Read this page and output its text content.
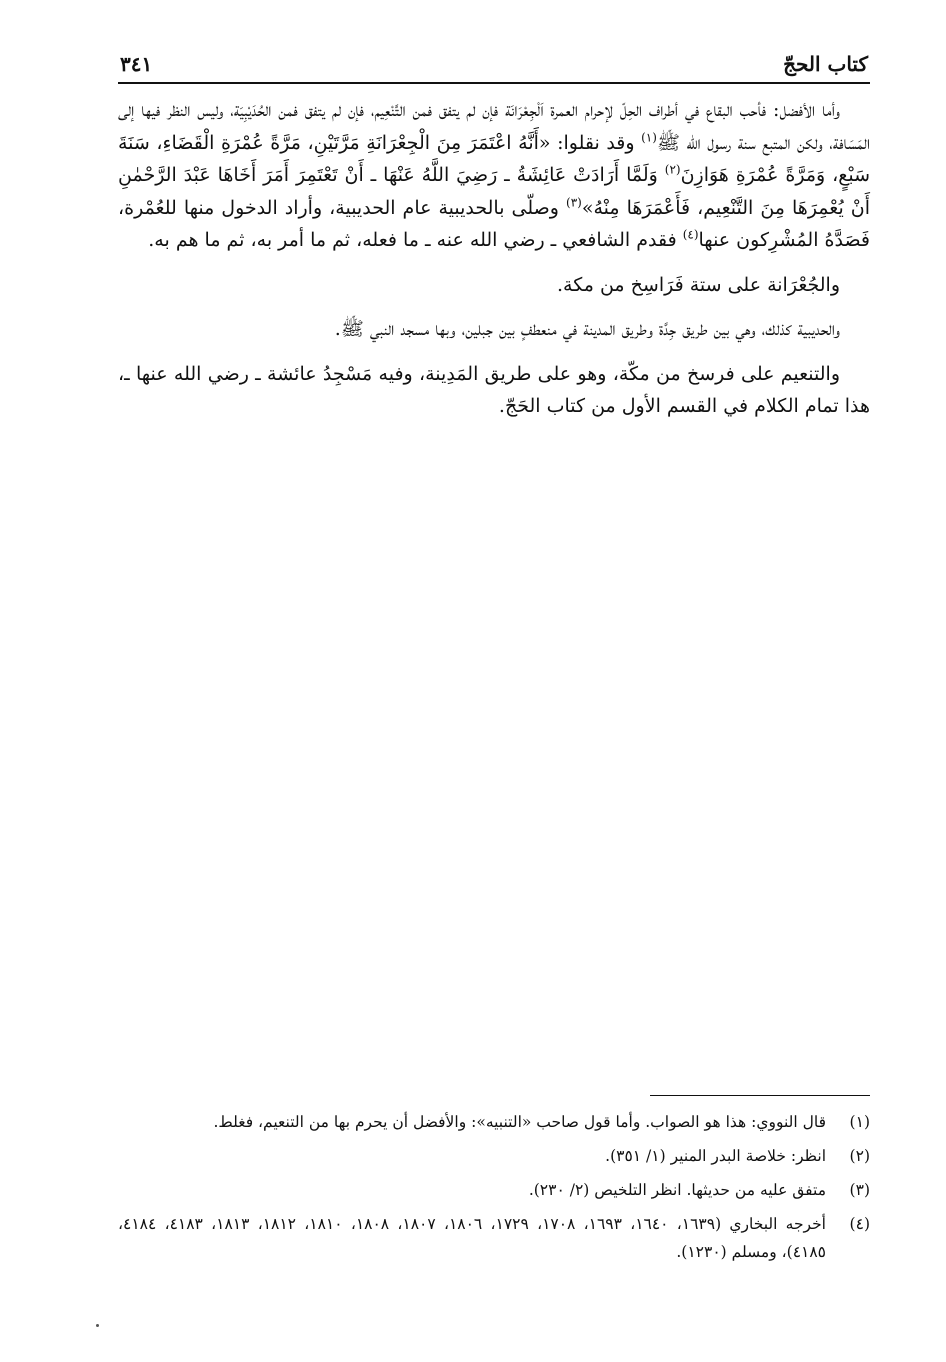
كتاب الحجّ
٣٤١

وأما الأفضل: فأحب البقاع في أطراف الحِلّ لإحرام العمرة اَلْجِعْرَانَة فإن لم يتفق فمن التَّنْعِيم، فإن لم يتفق فمن الحُدَيْبِيَة، وليس النظر فيها إلى المَسَافة، ولكن المتبع سنة رسول الله ﷺ$^{(١)}$ وقد نقلوا: «أَنَّهُ اعْتَمَرَ مِنَ الْجِعْرَانَةِ مَرَّتَيْنِ، مَرَّةً عُمْرَةِ الْقَضَاءِ، سَنَةَ سَبْعٍ، وَمَرَّةً عُمْرَةِ هَوَازِنَ$^{(٢)}$ وَلَمَّا أَرَادَتْ عَائِشَةُ ـ رَضِيَ اللَّهُ عَنْهَا ـ أَنْ تَعْتَمِرَ أَمَرَ أَخَاهَا عَبْدَ الرَّحْمٰنِ أَنْ يُعْمِرَهَا مِنَ التَّنْعِيم، فَأَعْمَرَهَا مِنْهُ»$^{(٣)}$ وصلّى بالحديبية عام الحديبية، وأراد الدخول منها للعُمْرة، فَصَدَّهُ المُشْرِكون عنها$^{(٤)}$ فقدم الشافعي ـ رضي الله عنه ـ ما فعله، ثم ما أمر به، ثم ما هم به.

والجُعْرَانة على ستة فَرَاسِخ من مكة.

والحديبية كذلك، وهي بين طريق جِدَّة وطريق المدينة في منعطفٍ بين جبلين، وبها مسجد النبي ﷺ.

والتنعيم على فرسخ من مكّة، وهو على طريق المَدِينة، وفيه مَسْجِدُ عائشة ـ رضي الله عنها ـ، هذا تمام الكلام في القسم الأول من كتاب الحَجّ.

(١)
قال النووي: هذا هو الصواب. وأما قول صاحب «التنبيه»: والأفضل أن يحرم بها من التنعيم، فغلط.
(٢)
انظر: خلاصة البدر المنير (١/ ٣٥١).
(٣)
متفق عليه من حديثها. انظر التلخيص (٢/ ٢٣٠).
(٤)
أخرجه البخاري (١٦٣٩، ١٦٤٠، ١٦٩٣، ١٧٠٨، ١٧٢٩، ١٨٠٦، ١٨٠٧، ١٨٠٨، ١٨١٠، ١٨١٢، ١٨١٣، ٤١٨٣، ٤١٨٤، ٤١٨٥)، ومسلم (١٢٣٠).
